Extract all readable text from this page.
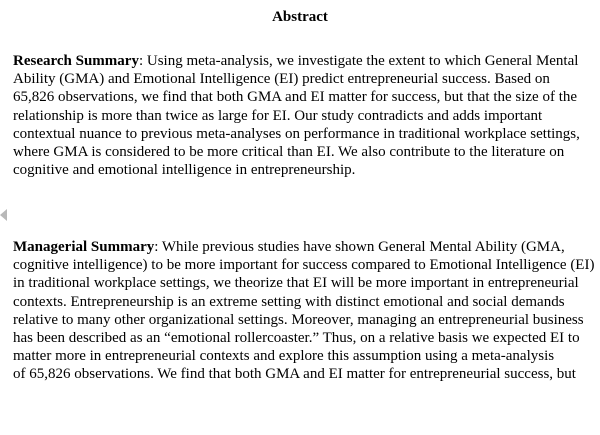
Abstract

Research Summary: Using meta-analysis, we investigate the extent to which General Mental
Ability (GMA) and Emotional Intelligence (EI) predict entrepreneurial success. Based on
65,826 observations, we find that both GMA and EI matter for success, but that the size of the
relationship is more than twice as large for EI. Our study contradicts and adds important
contextual nuance to previous meta-analyses on performance in traditional workplace settings,
where GMA is considered to be more critical than EI. We also contribute to the literature on
cognitive and emotional intelligence in entrepreneurship.

Managerial Summary: While previous studies have shown General Mental Ability (GMA,
cognitive intelligence) to be more important for success compared to Emotional Intelligence (EI)
in traditional workplace settings, we theorize that EI will be more important in entrepreneurial
contexts. Entrepreneurship is an extreme setting with distinct emotional and social demands
relative to many other organizational settings. Moreover, managing an entrepreneurial business
has been described as an “emotional rollercoaster.” Thus, on a relative basis we expected EI to
matter more in entrepreneurial contexts and explore this assumption using a meta-analysis
of 65,826 observations. We find that both GMA and EI matter for entrepreneurial success, but
